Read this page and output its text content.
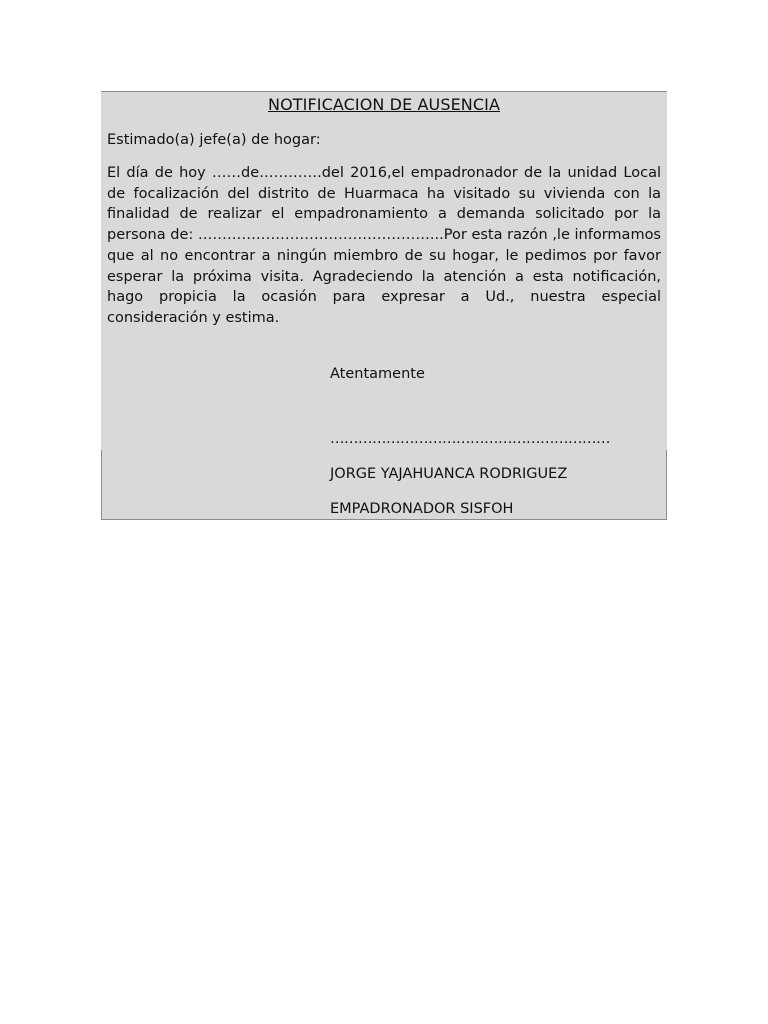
NOTIFICACION DE AUSENCIA

Estimado(a) jefe(a) de hogar:

El día de hoy ……de………….del 2016,el empadronador de la unidad Local de focalización del distrito de Huarmaca ha visitado su vivienda con la finalidad de realizar el empadronamiento a demanda solicitado por la persona de: …………………………………………...Por esta razón ,le informamos que al no encontrar a ningún miembro de su hogar, le pedimos por favor esperar la próxima visita. Agradeciendo la atención a esta notificación, hago propicia la ocasión para expresar a Ud., nuestra especial consideración y estima.

Atentamente

……………………………………………………

JORGE YAJAHUANCA RODRIGUEZ

EMPADRONADOR SISFOH
